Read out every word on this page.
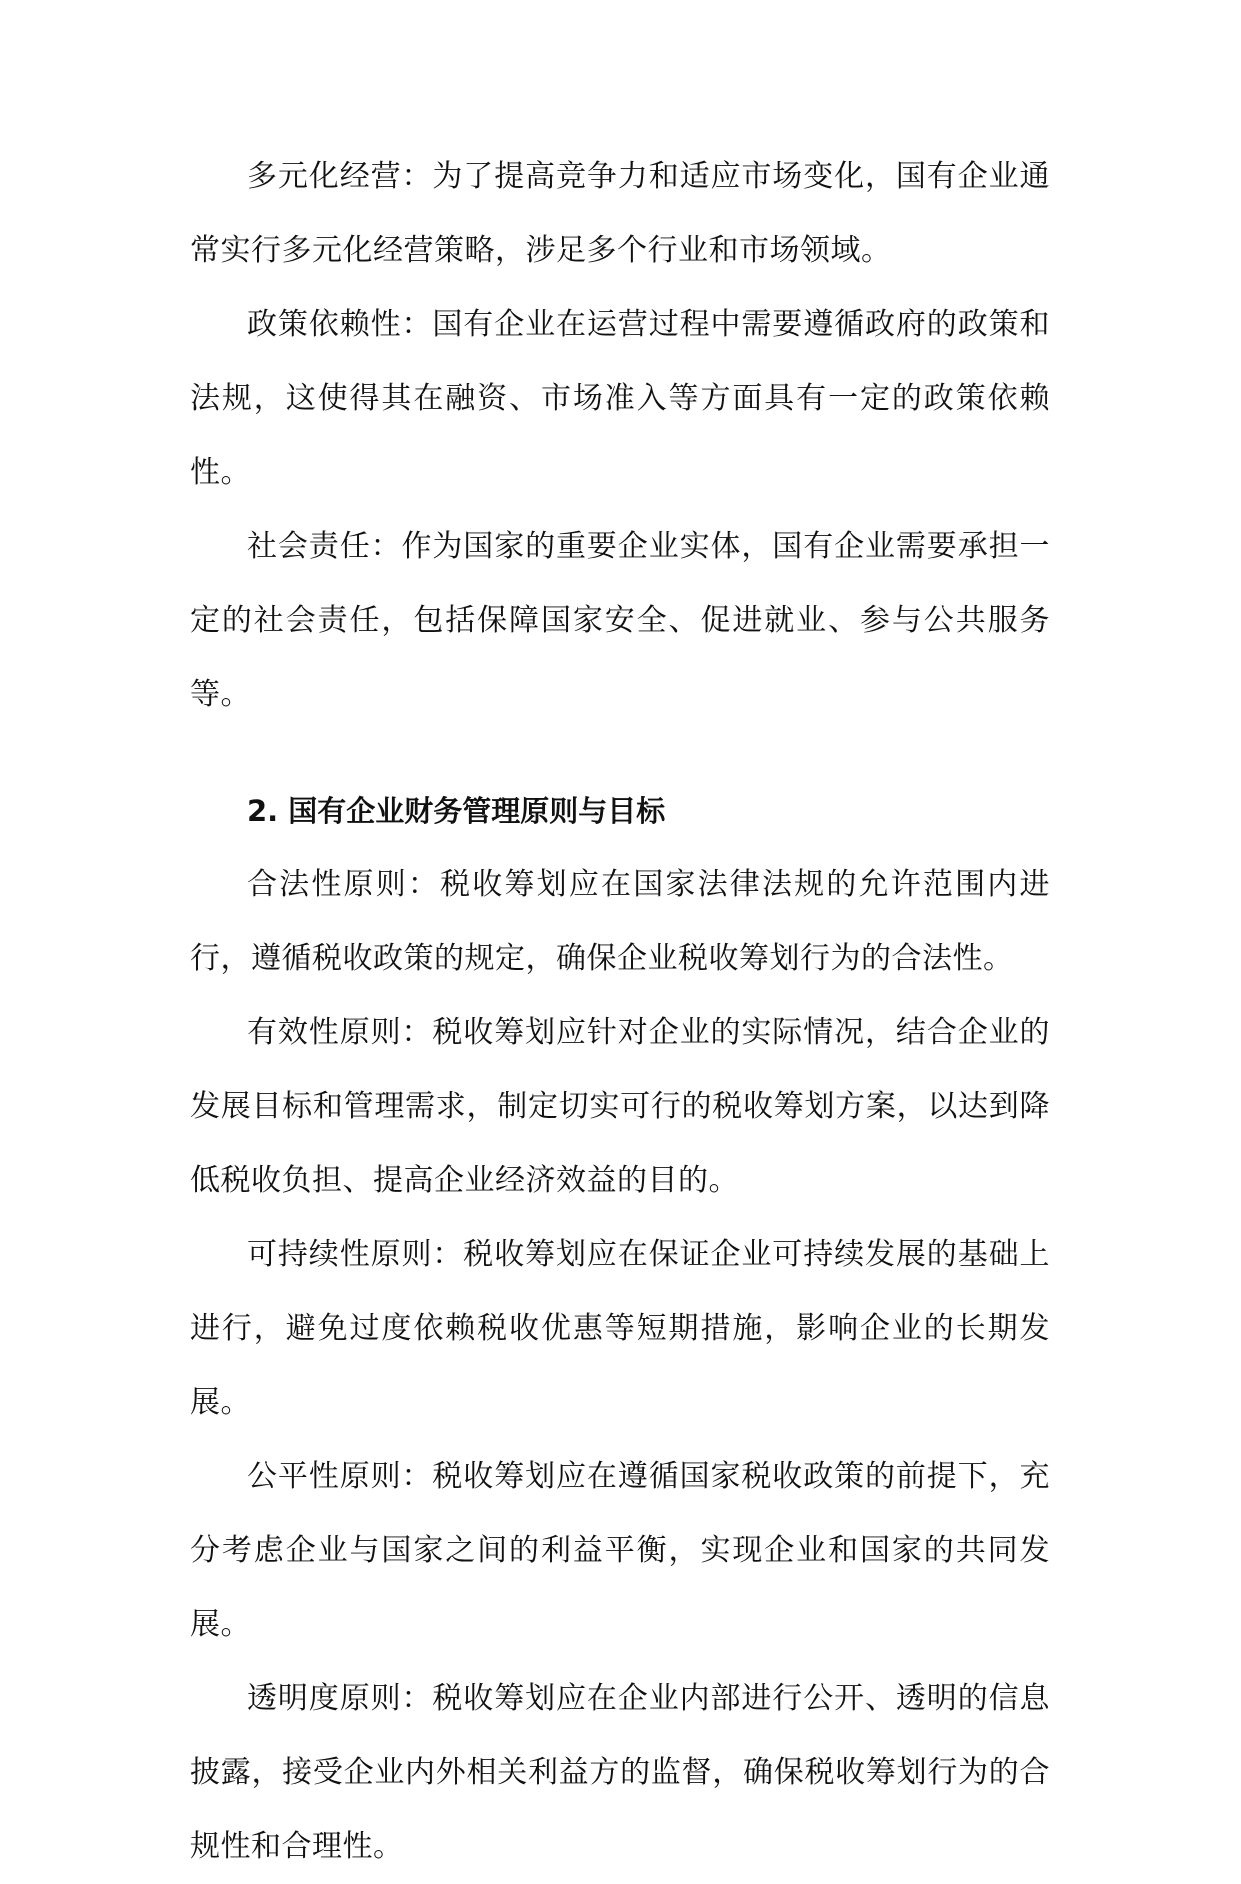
多元化经营：为了提高竞争力和适应市场变化，国有企业通常实行多元化经营策略，涉足多个行业和市场领域。

政策依赖性：国有企业在运营过程中需要遵循政府的政策和法规，这使得其在融资、市场准入等方面具有一定的政策依赖性。

社会责任：作为国家的重要企业实体，国有企业需要承担一定的社会责任，包括保障国家安全、促进就业、参与公共服务等。

2. 国有企业财务管理原则与目标

合法性原则：税收筹划应在国家法律法规的允许范围内进行，遵循税收政策的规定，确保企业税收筹划行为的合法性。

有效性原则：税收筹划应针对企业的实际情况，结合企业的发展目标和管理需求，制定切实可行的税收筹划方案，以达到降低税收负担、提高企业经济效益的目的。

可持续性原则：税收筹划应在保证企业可持续发展的基础上进行，避免过度依赖税收优惠等短期措施，影响企业的长期发展。

公平性原则：税收筹划应在遵循国家税收政策的前提下，充分考虑企业与国家之间的利益平衡，实现企业和国家的共同发展。

透明度原则：税收筹划应在企业内部进行公开、透明的信息披露，接受企业内外相关利益方的监督，确保税收筹划行为的合规性和合理性。
